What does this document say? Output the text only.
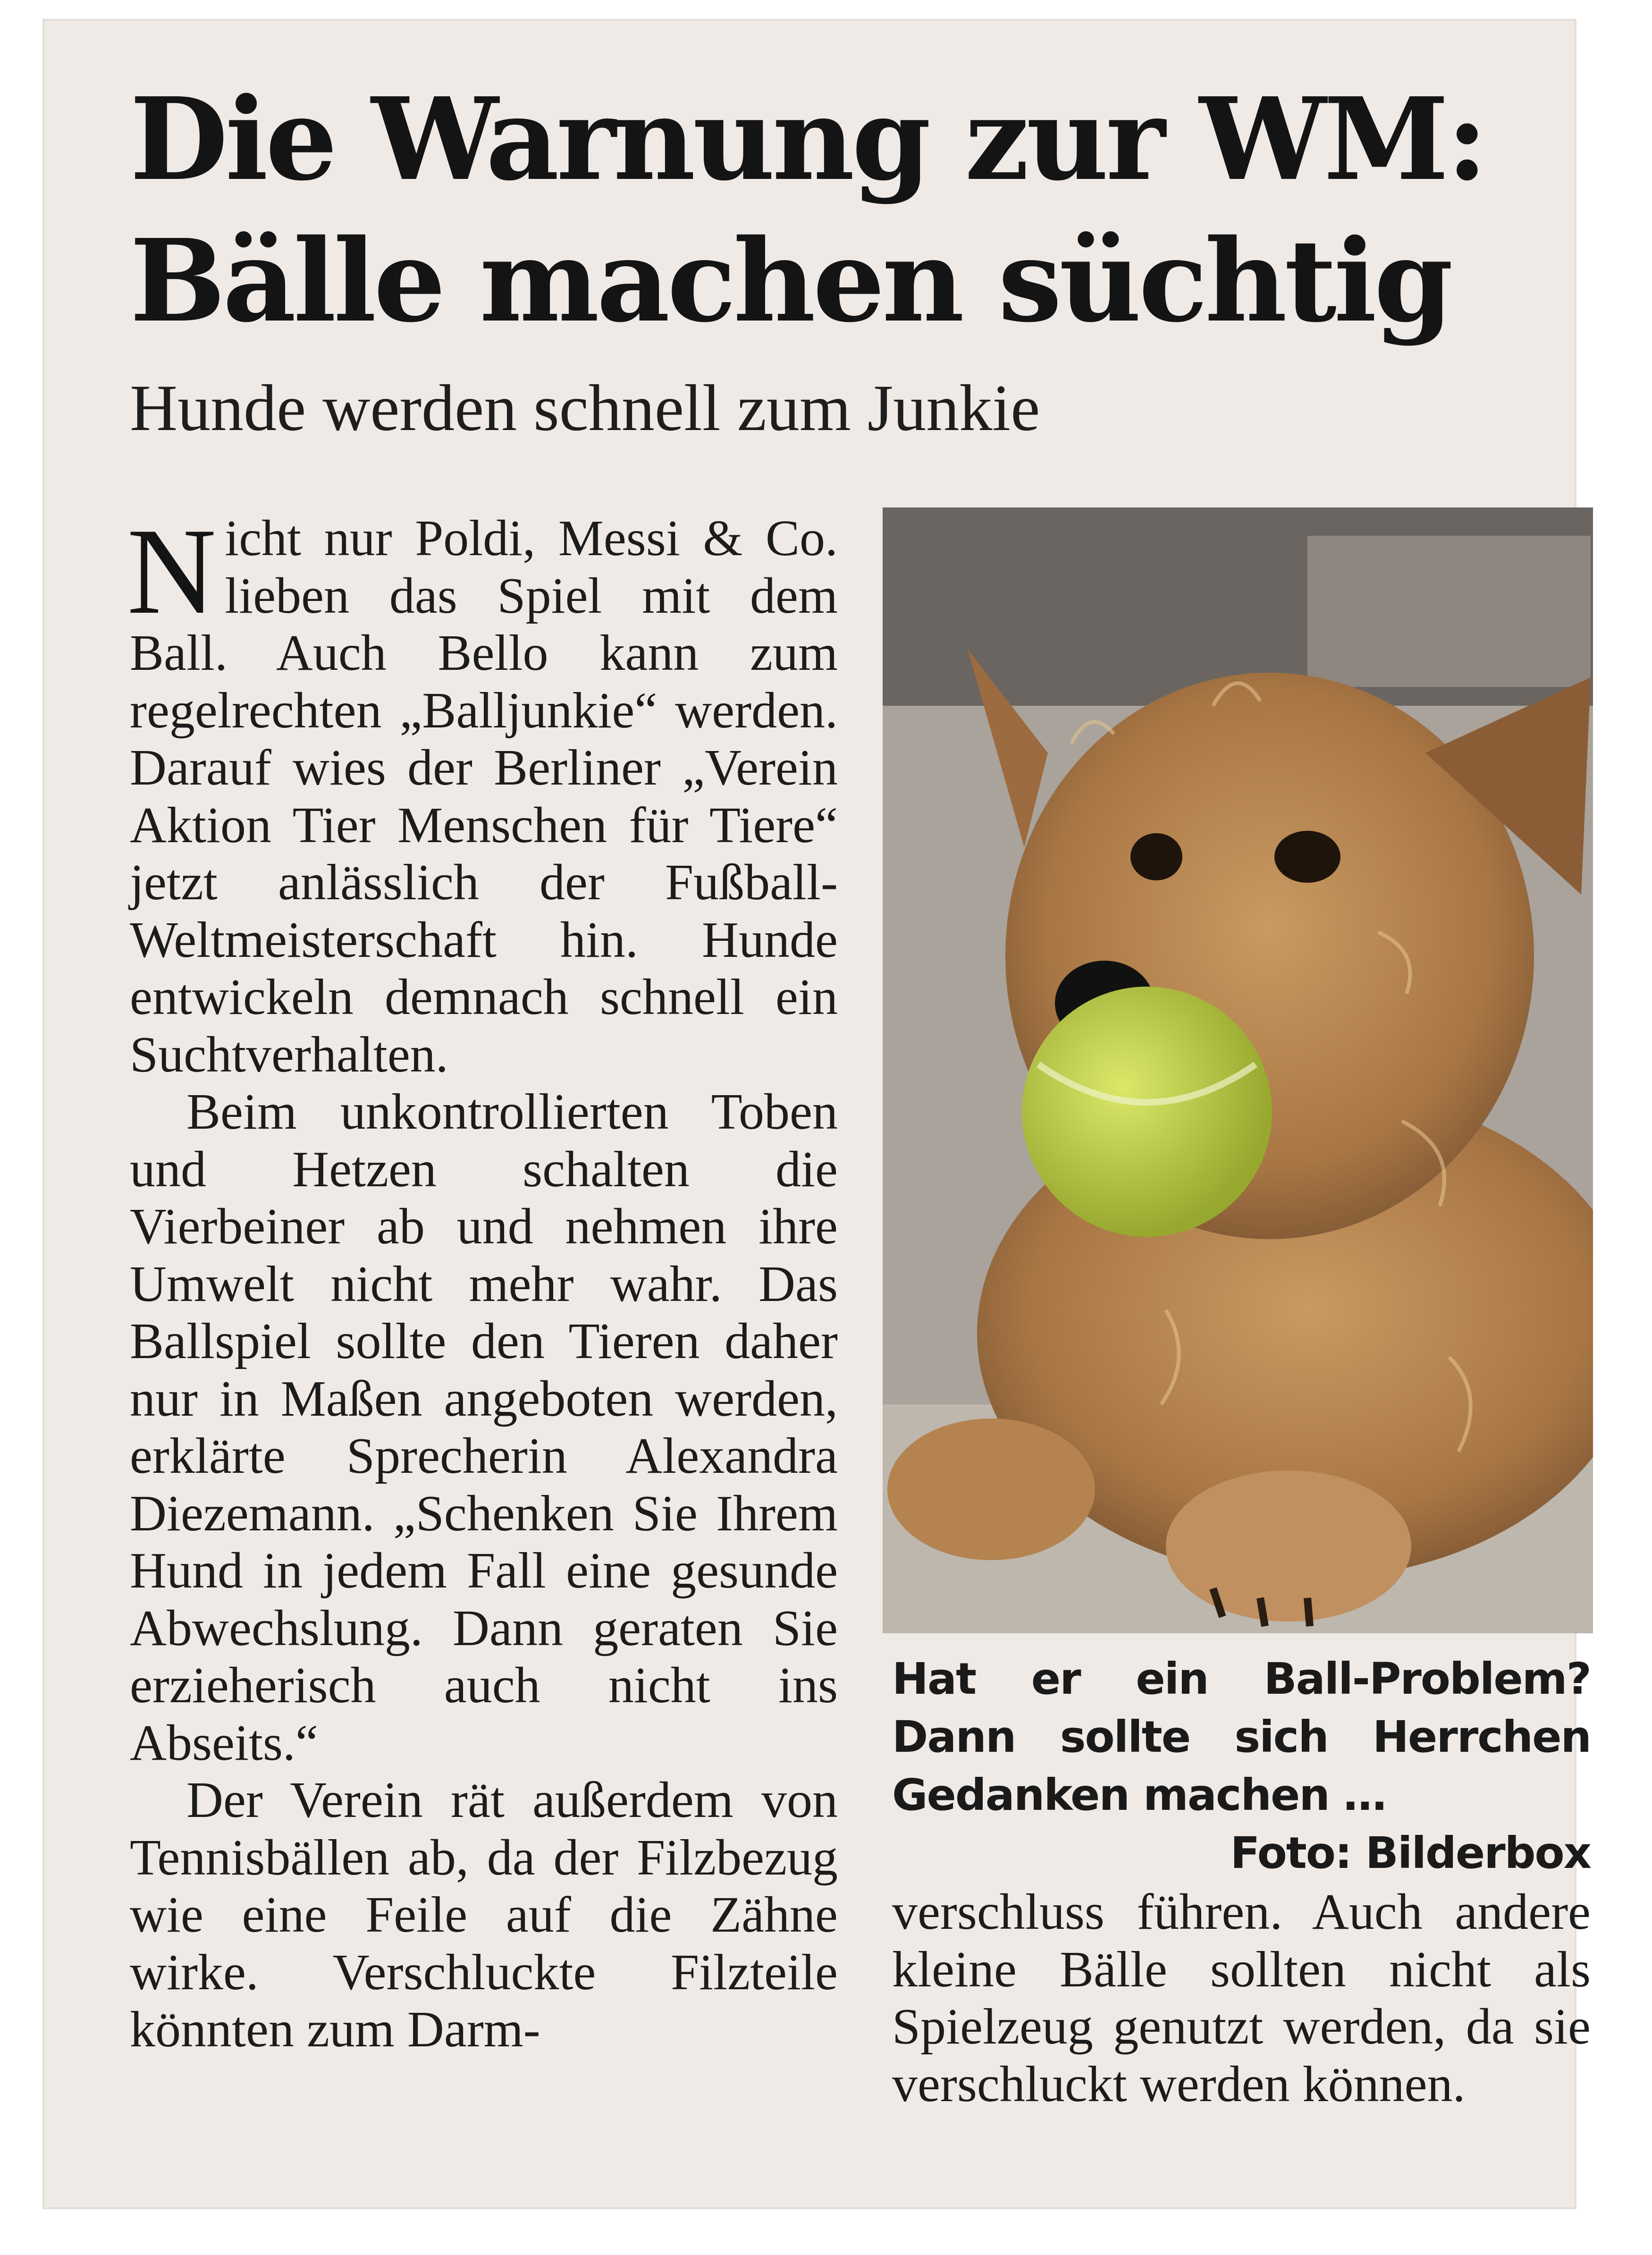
Die Warnung zur WM:
Bälle machen süchtig
Hunde werden schnell zum Junkie

Nicht nur Poldi, Messi & Co. lieben das Spiel mit dem Ball. Auch Bello kann zum regelrechten „Balljunkie“ werden. Darauf wies der Berliner „Verein Aktion Tier Menschen für Tiere“ jetzt anlässlich der Fußball-Weltmeisterschaft hin. Hunde entwickeln demnach schnell ein Suchtverhalten.

Beim unkontrollierten Toben und Hetzen schalten die Vierbeiner ab und nehmen ihre Umwelt nicht mehr wahr. Das Ballspiel sollte den Tieren daher nur in Maßen angeboten werden, erklärte Sprecherin Alexandra Diezemann. „Schenken Sie Ihrem Hund in jedem Fall eine gesunde Abwechslung. Dann geraten Sie erzieherisch auch nicht ins Abseits.“

Der Verein rät außerdem von Tennisbällen ab, da der Filzbezug wie eine Feile auf die Zähne wirke. Verschluckte Filzteile könnten zum Darm-

Hat er ein Ball-Problem? Dann sollte sich Herrchen Gedanken machen …
Foto: Bilderbox

verschluss führen. Auch andere kleine Bälle sollten nicht als Spielzeug genutzt werden, da sie verschluckt werden können.
